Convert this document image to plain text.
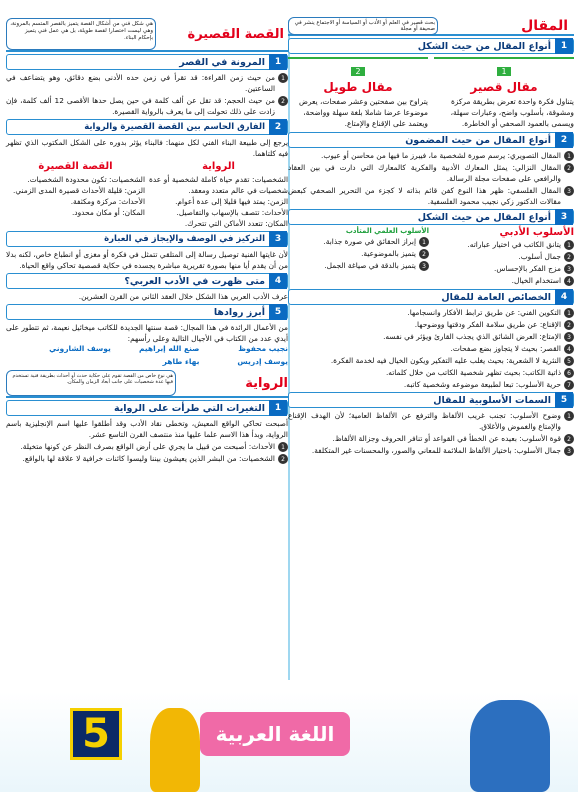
المقال
بحث قصير في العلم أو الأدب أو السياسة أو الاجتماع ينشر في صحيفة أو مجلة
1
أنواع المقال من حيث الشكل
1
مقال قصير
يتناول فكرة واحدة تعرض بطريقة مركزة ومشوقة، بأسلوب واضح، وعبارات سهلة، ويسمى بالعمود الصحفي أو الخاطرة.
2
مقال طويل
يتراوح بين صفحتين وعشر صفحات، يعرض موضوعا عرضا شاملا بلغة سهلة وواضحة، ويعتمد على الإقناع والإمتاع.
2
أنواع المقال من حيث المضمون
1
المقال التصويري: يرسم صورة لشخصية ما، فيبرز ما فيها من محاسن أو عيوب.
2
المقال النزالي: يمثل المعارك الأدبية والفكرية كالمعارك التي دارت في بين العقاد والرافعي على صفحات مجلة الرسالة.
3
المقال الفلسفي: ظهر هذا النوع كفن قائم بذاته لا كجزء من التحرير الصحفي كبعض مقالات الدكتور زكي نجيب محمود الفلسفية.
3
أنواع المقال من حيث الشكل
الأسلوب الأدبي
1
يتانق الكاتب في اختيار عباراته.
2
جمال أسلوب.
3
مزج الفكر بالإحساس.
4
استخدام الخيال.
الأسلوب العلمي المتأدب
1
إبراز الحقائق في صورة جذابة.
2
يتميز بالموضوعية.
3
يتميز بالدقة في صياغة الجمل.
4
الخصائص العامة للمقال
1
التكوين الفني: عن طريق ترابط الأفكار وانسجامها.
2
الإقناع: عن طريق سلامة الفكر ودقتها ووضوحها.
3
الإمتاع: العرض الشائق الذي يجذب القارئ ويؤثر في نفسه.
4
القصر: بحيث لا يتجاوز بضع صفحات.
5
النثرية لا الشعرية: بحيث يغلب عليه التفكير ويكون الخيال فيه لخدمة الفكرة.
6
ذاتية الكاتب: بحيث تظهر شخصية الكاتب من خلال كلماته.
7
حرية الأسلوب: تبعا لطبيعة موضوعه وشخصية كاتبه.
5
السمات الأسلوبية للمقال
1
وضوح الأسلوب: تجنب غريب الألفاظ والترفع عن الألفاظ العامية؛ لأن الهدف الإقناع والإمتاع والغموض والأغلاق.
2
قوة الأسلوب: بعيده عن الخطأ في القواعد أو تنافر الحروف وجزالة الألفاظ.
3
جمال الأسلوب: باختيار الألفاظ الملائمة للمعاني والصور، والمحسنات غير المتكلفة.
القصة القصيرة
هي شكل فني من أشكال القصة يتميز بالقصر المتسم بالمرونة، وهي ليست اختصارا لقصة طويلة، بل هي عمل فني يتميز بإحكام البناء.
1
المرونة في القصر
1
من حيث زمن القراءة: قد تقرأ في زمن حده الأدنى بضع دقائق، وهو يتضاعف في الساعتين.
2
من حيث الحجم: قد تقل عن ألف كلمة في حين يصل حدها الأقصى 12 ألف كلمة، فإن زادت على ذلك تحولت إلى ما يعرف بالرواية القصيرة.
2
الفارق الحاسم بين القصة القصيرة والرواية
يرجع إلى طبيعة البناء الفني لكل منهما: فالبناء يؤثر بدوره على الشكل المكتوب الذي تظهر فيه كلتاهما.
الرواية
الشخصيات: تقدم حياة كاملة لشخصية أو عدة شخصيات في عالم متعدد ومعقد.
الزمن: يمتد فيها قليلا إلى عدة أعوام.
الأحداث: تتصف بالإسهاب والتفاصيل.
المكان: تتعدد الأماكن التي تتحرك.
القصة القصيرة
الشخصيات: تكون محدودة الشخصيات.
الزمن: قليلة الأحداث قصيرة المدى الزمني.
الأحداث: مركزة ومكثفة.
المكان: أو مكان محدود.
3
التركيز في الوصف والإيجاز في العبارة
لأن غايتها الفنية توصيل رسالة إلى المتلقي تتمثل في فكرة أو مغزى أو انطباع خاص، لكنه بدلا من أن يقدم أيا منها بصورة تقريرية مباشرة يجسده في حكاية قصصية تحاكي واقع الحياة.
4
متى ظهرت في الأدب العربي؟
عرف الأدب العربي هذا الشكل خلال العقد الثاني من القرن العشرين.
5
أبرز روادها
من الأعمال الرائدة في هذا المجال: قصة سنتها الجديدة للكاتب ميخائيل نعيمة، ثم تتطور على أيدي عدد من الكتاب في الأجيال التالية وعلى رأسهم:
نجيب محفوظ
صنع الله إبراهيم
يوسف الشاروني
يوسف إدريس
بهاء طاهر
الرواية
هي نوع خاص من القصة تقوم على حكاية حدث أو أحداث بطريقة فنية تستخدم فيها عدة شخصيات على جانب أبعاد الزمان والمكان.
1
التغيرات التي طرأت على الرواية
أصبحت تحاكي الواقع المعيش، وتخطى نقاد الأدب وقد أطلقوا عليها اسم الإنجليزية باسم الرواية، وبدأ هذا الاسم علما عليها منذ منتصف القرن التاسع عشر.
1
الأحداث: أصبحت من قبيل ما يجري على أرض الواقع بصرف النظر عن كونها متخيلة.
2
الشخصيات: من البشر الذين يعيشون بيننا وليسوا كائنات خرافية لا علاقة لها بالواقع.
5	اللغة العربية
